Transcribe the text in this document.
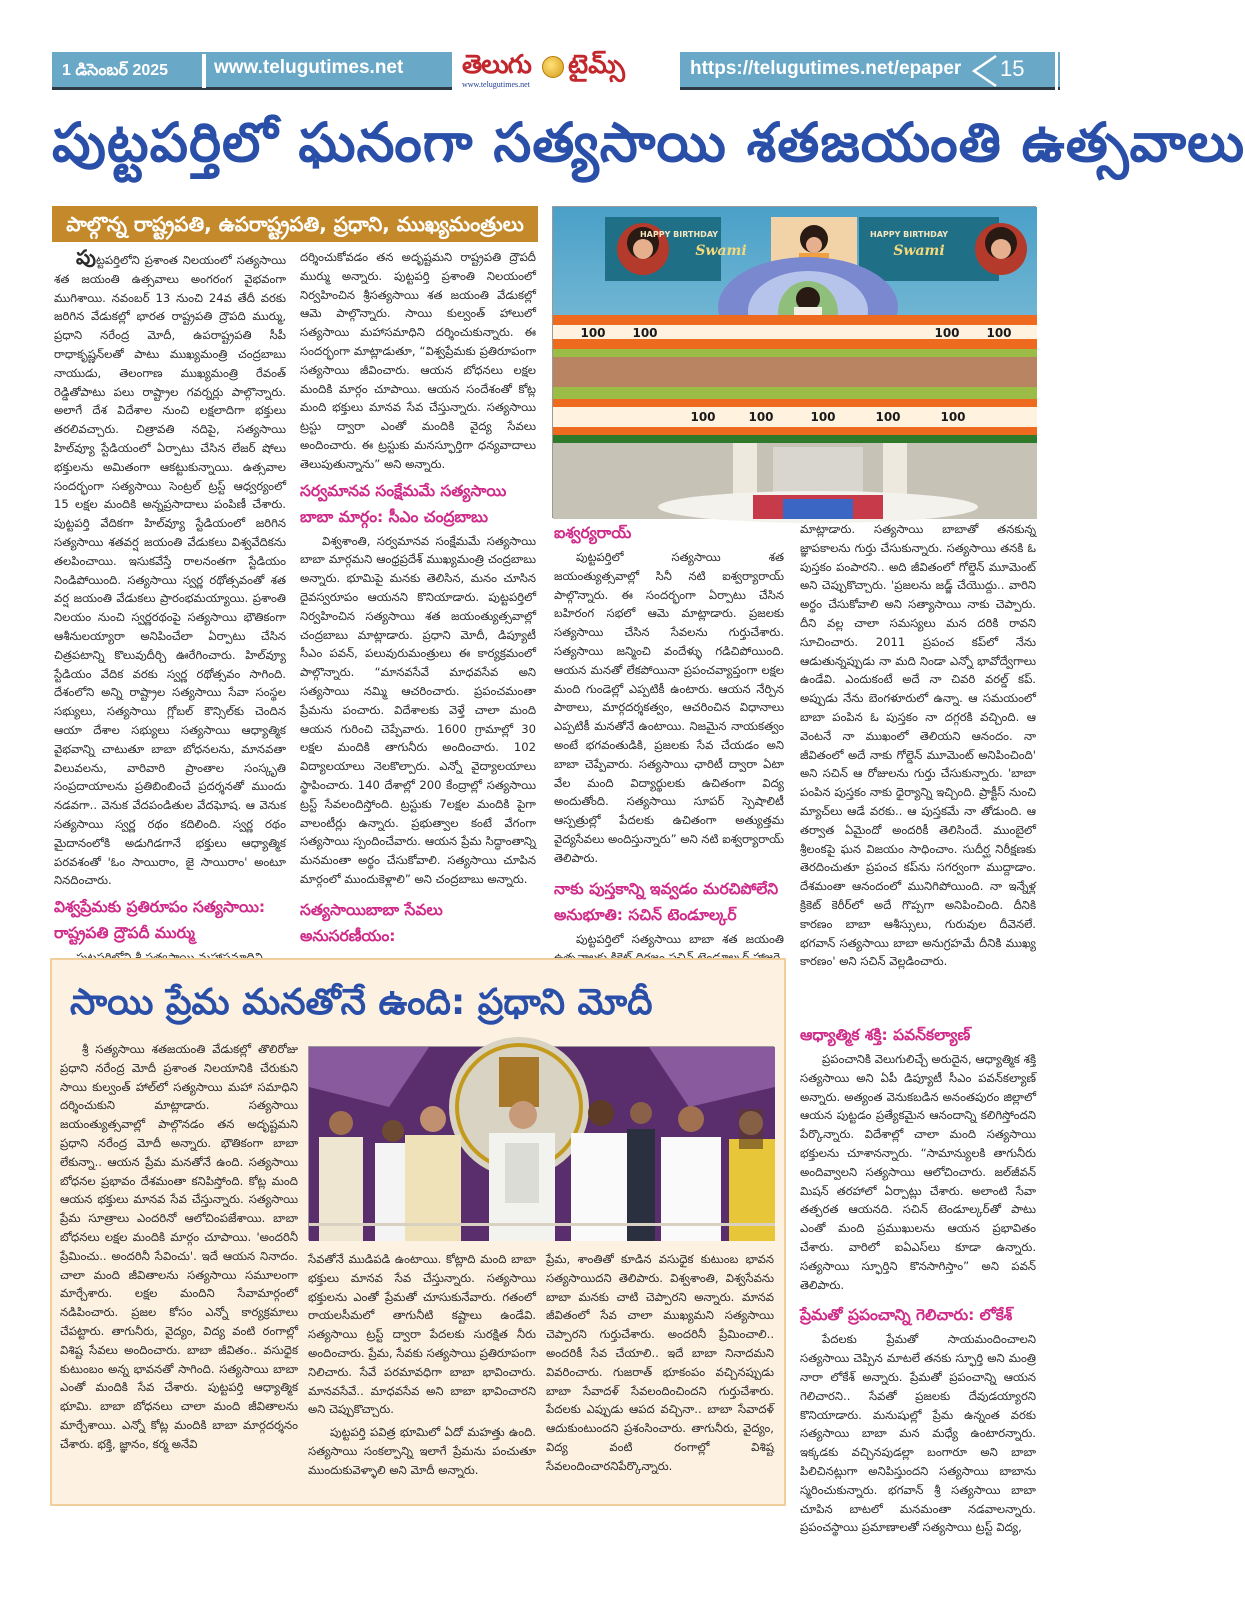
1 డిసెంబర్ 2025 www.telugutimes.net తెలుగు టైమ్స్
www.telugutimes.net
https://telugutimes.net/epaper 15
పుట్టపర్తిలో ఘనంగా సత్యసాయి శతజయంతి ఉత్సవాలు
పాల్గొన్న రాష్ట్రపతి, ఉపరాష్ట్రపతి, ప్రధాని, ముఖ్యమంత్రులు

పుట్టపర్తిలోని ప్రశాంత నిలయంలో సత్యసాయి శత జయంతి ఉత్సవాలు అంగరంగ వైభవంగా ముగిశాయి. నవంబర్ 13 నుంచి 24వ తేదీ వరకు జరిగిన వేడుకల్లో భారత రాష్ట్రపతి ద్రౌపది ముర్ము, ప్రధాని నరేంద్ర మోదీ, ఉపరాష్ట్రపతి సీపీ రాధాకృష్ణన్‌లతో పాటు ముఖ్యమంత్రి చంద్రబాబు నాయుడు, తెలంగాణ ముఖ్యమంత్రి రేవంత్ రెడ్డితోపాటు పలు రాష్ట్రాల గవర్నర్లు పాల్గొన్నారు. అలాగే దేశ విదేశాల నుంచి లక్షలాదిగా భక్తులు తరలివచ్చారు. చిత్రావతి నదిపై, సత్యసాయి హిల్‌వ్యూ స్టేడియంలో ఏర్పాటు చేసిన లేజర్ షోలు భక్తులను అమితంగా ఆకట్టుకున్నాయి. ఉత్సవాల సందర్భంగా సత్యసాయి సెంట్రల్ ట్రస్ట్ ఆధ్వర్యంలో 15 లక్షల మందికి అన్నప్రసాదాలు పంపిణీ చేశారు. పుట్టపర్తి వేదికగా హిల్‌వ్యూ స్టేడియంలో జరిగిన సత్యసాయి శతవర్ష జయంతి వేడుకలు విశ్వవేదికను తలపించాయి. ఇసుకవేస్తే రాలనంతగా స్టేడియం నిండిపోయింది. సత్యసాయి స్వర్ణ రథోత్సవంతో శత వర్ష జయంతి వేడుకలు ప్రారంభమయ్యాయి. ప్రశాంతి నిలయం నుంచి స్వర్ణరథంపై సత్యసాయి భౌతికంగా ఆశీనులయ్యారా అనిపించేలా ఏర్పాటు చేసిన చిత్రపటాన్ని కొలువుదీర్చి ఊరేగించారు. హిల్‌వ్యూ స్టేడియం వేదిక వరకు స్వర్ణ రథోత్సవం సాగింది. దేశంలోని అన్ని రాష్ట్రాల సత్యసాయి సేవా సంస్థల సభ్యులు, సత్యసాయి గ్లోబల్ కౌన్సిల్‌కు చెందిన ఆయా దేశాల సభ్యులు సత్యసాయి ఆధ్యాత్మిక వైభవాన్ని చాటుతూ బాబా బోధనలను, మానవతా విలువలను, వారివారి ప్రాంతాల సంస్కృతి సంప్రదాయాలను ప్రతిబింబించే ప్రదర్శనతో ముందు నడవగా.. వెనుక వేదపండితుల వేదఘోష. ఆ వెనుక సత్యసాయి స్వర్ణ రథం కదిలింది. స్వర్ణ రథం మైదానంలోకి అడుగిడగానే భక్తులు ఆధ్యాత్మిక పరవశంతో 'ఓం సాయిరాం, జై సాయిరాం' అంటూ నినదించారు.

విశ్వప్రేమకు ప్రతిరూపం సత్యసాయి: రాష్ట్రపతి ద్రౌపదీ ముర్ము

దర్శించుకోవడం తన అదృష్టమని రాష్ట్రపతి ద్రౌపదీ ముర్ము అన్నారు. పుట్టపర్తి ప్రశాంతి నిలయంలో నిర్వహించిన శ్రీసత్యసాయి శత జయంతి వేడుకల్లో ఆమె పాల్గొన్నారు. సాయి కుల్వంత్ హాలులో సత్యసాయి మహాసమాధిని దర్శించుకున్నారు. ఈ సందర్భంగా మాట్లాడుతూ, “విశ్వప్రేమకు ప్రతిరూపంగా సత్యసాయి జీవించారు. ఆయన బోధనలు లక్షల మందికి మార్గం చూపాయి. ఆయన సందేశంతో కోట్ల మంది భక్తులు మానవ సేవ చేస్తున్నారు. సత్యసాయి ట్రస్టు ద్వారా ఎంతో మందికి వైద్య సేవలు అందించారు. ఈ ట్రస్టుకు మనస్ఫూర్తిగా ధన్యవాదాలు తెలుపుతున్నాను” అని అన్నారు.

సర్వమానవ సంక్షేమమే సత్యసాయి బాబా మార్గం: సీఎం చంద్రబాబు

విశ్వశాంతి, సర్వమానవ సంక్షేమమే సత్యసాయి బాబా మార్గమని ఆంధ్రప్రదేశ్ ముఖ్యమంత్రి చంద్రబాబు అన్నారు. భూమిపై మనకు తెలిసిన, మనం చూసిన దైవస్వరూపం ఆయనని కొనియాడారు. పుట్టపర్తిలో నిర్వహించిన సత్యసాయి శత జయంత్యుత్సవాల్లో చంద్రబాబు మాట్లాడారు. ప్రధాని మోదీ, డిప్యూటీ సీఎం పవన్, పలువురుమంత్రులు ఈ కార్యక్రమంలో పాల్గొన్నారు. “మానవసేవే మాధవసేవ అని సత్యసాయి నమ్మి ఆచరించారు. ప్రపంచమంతా ప్రేమను పంచారు. విదేశాలకు వెళ్తే చాలా మంది ఆయన గురించి చెప్పేవారు. 1600 గ్రామాల్లో 30 లక్షల మందికి తాగునీరు అందించారు. 102 విద్యాలయాలు నెలకొల్పారు. ఎన్నో వైద్యాలయాలు స్థాపించారు. 140 దేశాల్లో 200 కేంద్రాల్లో సత్యసాయి ట్రస్ట్ సేవలందిస్తోంది. ట్రస్టుకు 7లక్షల మందికి పైగా వాలంటీర్లు ఉన్నారు. ప్రభుత్వాల కంటే వేగంగా సత్యసాయి స్పందించేవారు. ఆయన ప్రేమ సిద్ధాంతాన్ని మనమంతా అర్థం చేసుకోవాలి. సత్యసాయి చూపిన మార్గంలో ముందుకెళ్లాలి” అని చంద్రబాబు అన్నారు.

సత్యసాయిబాబా సేవలు అనుసరణీయం:
HAPPY BIRTHDAY
Swami
HAPPY BIRTHDAY
Swami
100 100	100 100
100	100	100	100	100
ఐశ్వర్యరాయ్

పుట్టపర్తిలో సత్యసాయి శత జయంత్యుత్సవాల్లో సినీ నటి ఐశ్వర్యారాయ్ పాల్గొన్నారు. ఈ సందర్భంగా ఏర్పాటు చేసిన బహిరంగ సభలో ఆమె మాట్లాడారు. ప్రజలకు సత్యసాయి చేసిన సేవలను గుర్తుచేశారు. సత్యసాయి జన్మించి వందేళ్ళు గడిచిపోయింది. ఆయన మనతో లేకపోయినా ప్రపంచవ్యాప్తంగా లక్షల మంది గుండెల్లో ఎప్పటికీ ఉంటారు. ఆయన నేర్పిన పాఠాలు, మార్గదర్శకత్వం, ఆచరించిన విధానాలు ఎప్పటికీ మనతోనే ఉంటాయి. నిజమైన నాయకత్వం అంటే భగవంతుడికి, ప్రజలకు సేవ చేయడం అని బాబా చెప్పేవారు. సత్యసాయి ఛారిటీ ద్వారా ఏటా వేల మంది విద్యార్థులకు ఉచితంగా విద్య అందుతోంది. సత్యసాయి సూపర్ స్పెషాలిటీ ఆస్పత్రుల్లో పేదలకు ఉచితంగా అత్యుత్తమ వైద్యసేవలు అందిస్తున్నారు” అని నటి ఐశ్వర్యారాయ్ తెలిపారు.

నాకు పుస్తకాన్ని ఇవ్వడం మరచిపోలేని అనుభూతి: సచిన్ టెండూల్కర్

పుట్టపర్తిలో సత్యసాయి బాబా శత జయంతి

మాట్లాడారు. సత్యసాయి బాబాతో తనకున్న జ్ఞాపకాలను గుర్తు చేసుకున్నారు. సత్యసాయి తనకి ఓ పుస్తకం పంపారని.. అది జీవితంలో గోల్డెన్ మూమెంట్ అని చెప్పుకొచ్చారు. 'ప్రజలను జడ్జ్ చేయొద్దు.. వారిని అర్థం చేసుకోవాలి అని సత్యాసాయి నాకు చెప్పారు. దీని వల్ల చాలా సమస్యలు మన దరికి రావని సూచించారు. 2011 ప్రపంచ కప్‌లో నేను ఆడుతున్నప్పుడు నా మది నిండా ఎన్నో భావోద్వేగాలు ఉండేవి. ఎందుకంటే అదే నా చివరి వరల్డ్ కప్. అప్పుడు నేను బెంగళూరులో ఉన్నా. ఆ సమయంలో బాబా పంపిన ఓ పుస్తకం నా దగ్గరకి వచ్చింది. ఆ వెంటనే నా ముఖంలో తెలియని ఆనందం. నా జీవితంలో అదే నాకు గోల్డెన్ మూమెంట్ అనిపించింది' అని సచిన్ ఆ రోజులను గుర్తు చేసుకున్నారు. 'బాబా పంపిన పుస్తకం నాకు ధైర్యాన్ని ఇచ్చింది. ప్రాక్టీస్ నుంచి మ్యాచ్‌లు ఆడే వరకు.. ఆ పుస్తకమే నా తోడుంది. ఆ తర్వాత ఏమైందో అందరికీ తెలిసిందే. ముంబైలో శ్రీలంకపై ఘన విజయం సాధించాం. సుదీర్ఘ నిరీక్షణకు తెరదించుతూ ప్రపంచ కప్‌ను సగర్వంగా ముద్దాడాం. దేశమంతా ఆనందంలో మునిగిపోయింది. నా ఇన్నేళ్ల క్రికెట్ కెరీర్‌లో అదే గొప్పగా అనిపించింది. దీనికి కారణం బాబా ఆశీస్సులు, గురువుల దీవెనలే. భగవాన్ సత్యసాయి బాబా అనుగ్రహమే దీనికి ముఖ్య కారణం' అని సచిన్ వెల్లడించారు.

ఆధ్యాత్మిక శక్తి: పవన్‌కల్యాణ్

ప్రపంచానికి వెలుగులిచ్చే అరుదైన, ఆధ్యాత్మిక శక్తి సత్యసాయి అని ఏపీ డిప్యూటీ సీఎం పవన్‌కల్యాణ్ అన్నారు. అత్యంత వెనుకబడిన అనంతపురం జిల్లాలో ఆయన పుట్టడం ప్రత్యేకమైన ఆనందాన్ని కలిగిస్తోందని పేర్కొన్నారు. విదేశాల్లో చాలా మంది సత్యసాయి భక్తులను చూశానన్నారు. “సామాన్యులకి తాగునీరు అందివ్వాలని సత్యసాయి ఆలోచించారు. జల్‌జీవన్ మిషన్ తరహాలో ఏర్పాట్లు చేశారు. అలాంటి సేవా తత్పరత ఆయనది. సచిన్ టెండూల్కర్‌తో పాటు ఎంతో మంది ప్రముఖులను ఆయన ప్రభావితం చేశారు. వారిలో ఐఏఎస్‌లు కూడా ఉన్నారు. సత్యసాయి స్ఫూర్తిని కొనసాగిస్తాం” అని పవన్ తెలిపారు.

ప్రేమతో ప్రపంచాన్ని గెలిచారు: లోకేశ్

పేదలకు ప్రేమతో సాయమందించాలని సత్యసాయి చెప్పిన మాటలే తనకు స్ఫూర్తి అని మంత్రి నారా లోకేశ్ అన్నారు. ప్రేమతో ప్రపంచాన్ని ఆయన గెలిచారని.. సేవతో ప్రజలకు దేవుడయ్యారని కొనియాడారు. మనుషుల్లో ప్రేమ ఉన్నంత వరకు సత్యసాయి బాబా మన మధ్యే ఉంటారన్నారు. ఇక్కడకు వచ్చినపుడల్లా బంగారూ అని బాబా పిలిచినట్లుగా అనిపిస్తుందని సత్యసాయి బాబాను స్మరించుకున్నారు. భగవాన్ శ్రీ సత్యసాయి బాబా చూపిన బాటలో మనమంతా నడవాలన్నారు. ప్రపంచస్థాయి ప్రమాణాలతో సత్యసాయి ట్రస్ట్ విద్య,

సాయి ప్రేమ మనతోనే ఉంది: ప్రధాని మోదీ

శ్రీ సత్యసాయి శతజయంతి వేడుకల్లో తొలిరోజు ప్రధాని నరేంద్ర మోదీ ప్రశాంత నిలయానికి చేరుకుని సాయి కుల్వంత్ హాల్‌లో సత్యసాయి మహా సమాధిని దర్శించుకుని మాట్లాడారు. సత్యసాయి జయంత్యుత్సవాల్లో పాల్గొనడం తన అదృష్టమని ప్రధాని నరేంద్ర మోదీ అన్నారు. భౌతికంగా బాబా లేకున్నా.. ఆయన ప్రేమ మనతోనే ఉంది. సత్యసాయి బోధనల ప్రభావం దేశమంతా కనిపిస్తోంది. కోట్ల మంది ఆయన భక్తులు మానవ సేవ చేస్తున్నారు. సత్యసాయి ప్రేమ సూత్రాలు ఎందరినో ఆలోచింపజేశాయి. బాబా బోధనలు లక్షల మందికి మార్గం చూపాయి. 'అందరినీ ప్రేమించు.. అందరినీ సేవించు'. ఇదే ఆయన నినాదం. చాలా మంది జీవితాలను సత్యసాయి సమూలంగా మార్చేశారు. లక్షల మందిని సేవామార్గంలో నడిపించారు. ప్రజల కోసం ఎన్నో కార్యక్రమాలు చేపట్టారు. తాగునీరు, వైద్యం, విద్య వంటి రంగాల్లో విశిష్ట సేవలు అందించారు. బాబా జీవితం.. వసుధైక కుటుంబం అన్న భావనతో సాగింది. సత్యసాయి బాబా ఎంతో మందికి సేవ చేశారు. పుట్టపర్తి ఆధ్యాత్మిక భూమి. బాబా బోధనలు చాలా మంది జీవితాలను మార్చేశాయి. ఎన్నో కోట్ల మందికి బాబా మార్గదర్శనం చేశారు. భక్తి, జ్ఞానం, కర్మ అనేవి

సేవతోనే ముడిపడి ఉంటాయి. కోట్లాది మంది బాబా భక్తులు మానవ సేవ చేస్తున్నారు. సత్యసాయి భక్తులను ఎంతో ప్రేమతో చూసుకునేవారు. గతంలో రాయలసీమలో తాగునీటి కష్టాలు ఉండేవి. సత్యసాయి ట్రస్ట్ ద్వారా పేదలకు సురక్షిత నీరు అందించారు. ప్రేమ, సేవకు సత్యసాయి ప్రతిరూపంగా నిలిచారు. సేవే పరమావధిగా బాబా భావించారు. మానవసేవే.. మాధవసేవ అని బాబా భావించారని అని చెప్పుకొచ్చారు.

పుట్టపర్తి పవిత్ర భూమిలో ఏదో మహత్తు ఉంది. సత్యసాయి సంకల్పాన్ని ఇలాగే ప్రేమను పంచుతూ ముందుకువెళ్ళాలి అని మోదీ అన్నారు.

ప్రేమ, శాంతితో కూడిన వసుధైక కుటుంబ భావన సత్యసాయిదని తెలిపారు. విశ్వశాంతి, విశ్వసేవను బాబా మనకు చాటి చెప్పారని అన్నారు. మానవ జీవితంలో సేవ చాలా ముఖ్యమని సత్యసాయి చెప్పారని గుర్తుచేశారు. అందరినీ ప్రేమించాలి.. అందరికీ సేవ చేయాలి.. ఇదే బాబా నినాదమని వివరించారు. గుజరాత్ భూకంపం వచ్చినప్పుడు బాబా సేవాదళ్ సేవలందించిందని గుర్తుచేశారు. పేదలకు ఎప్పుడు ఆపద వచ్చినా.. బాబా సేవాదళ్ ఆదుకుంటుందని ప్రశంసించారు. తాగునీరు, వైద్యం, విద్య వంటి రంగాల్లో విశిష్ట సేవలందించారనిపేర్కొన్నారు.
